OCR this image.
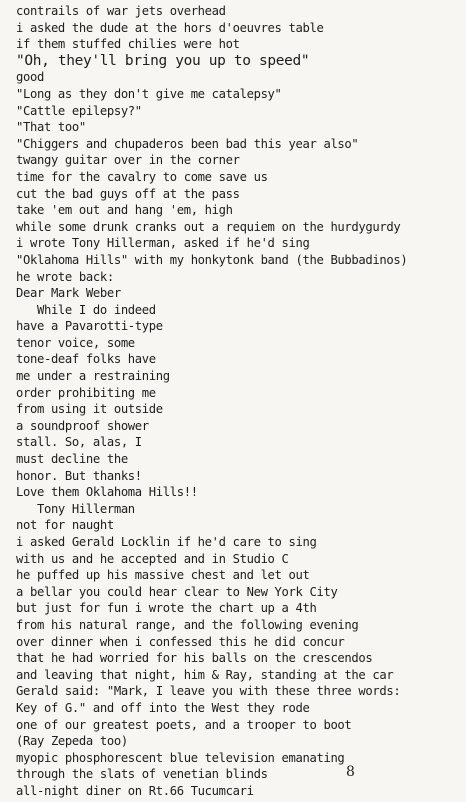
contrails of war jets overhead
i asked the dude at the hors d'oeuvres table
if them stuffed chilies were hot
"Oh, they'll bring you up to speed"
good
"Long as they don't give me catalepsy"
"Cattle epilepsy?"
"That too"
"Chiggers and chupaderos been bad this year also"
twangy guitar over in the corner
time for the cavalry to come save us
cut the bad guys off at the pass
take 'em out and hang 'em, high
while some drunk cranks out a requiem on the hurdygurdy
i wrote Tony Hillerman, asked if he'd sing
"Oklahoma Hills" with my honkytonk band (the Bubbadinos)
he wrote back:
Dear Mark Weber
While I do indeed
have a Pavarotti-type
tenor voice, some
tone-deaf folks have
me under a restraining
order prohibiting me
from using it outside
a soundproof shower
stall. So, alas, I
must decline the
honor. But thanks!
Love them Oklahoma Hills!!
Tony Hillerman
not for naught
i asked Gerald Locklin if he'd care to sing
with us and he accepted and in Studio C
he puffed up his massive chest and let out
a bellar you could hear clear to New York City
but just for fun i wrote the chart up a 4th
from his natural range, and the following evening
over dinner when i confessed this he did concur
that he had worried for his balls on the crescendos
and leaving that night, him & Ray, standing at the car
Gerald said: "Mark, I leave you with these three words:
Key of G." and off into the West they rode
one of our greatest poets, and a trooper to boot
(Ray Zepeda too)
myopic phosphorescent blue television emanating
through the slats of venetian blinds
all-night diner on Rt.66 Tucumcari
8
